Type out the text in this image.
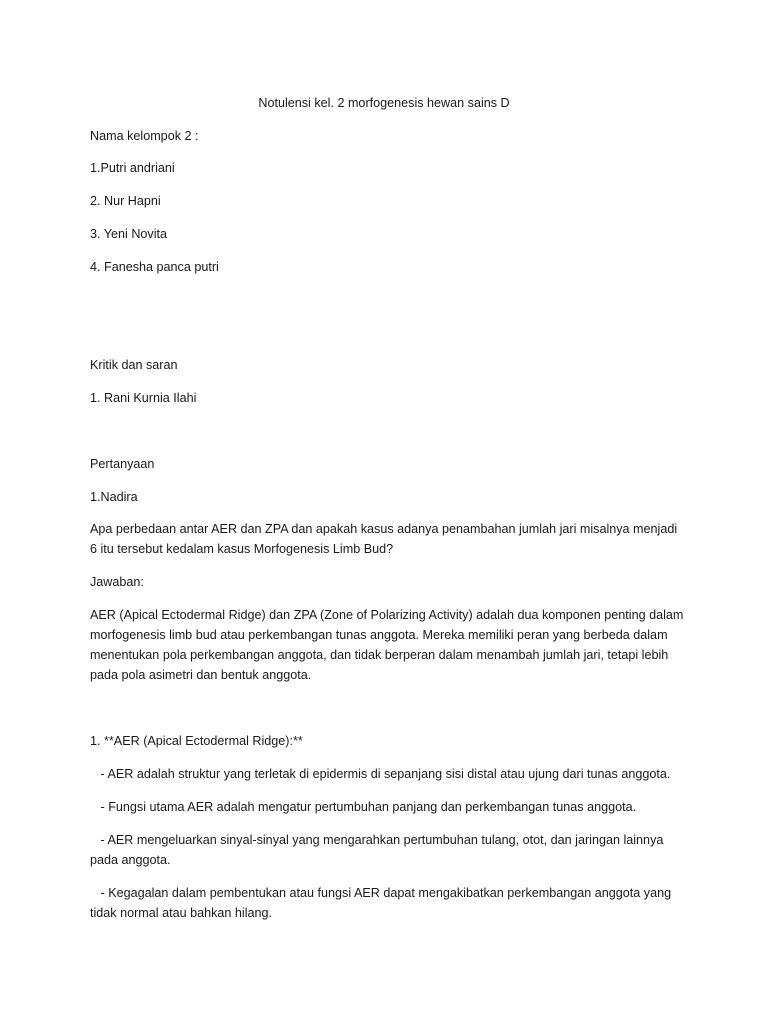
Notulensi kel. 2 morfogenesis hewan sains D

Nama kelompok 2 :

1.Putri andriani

2. Nur Hapni

3. Yeni Novita

4. Fanesha panca putri

Kritik dan saran

1. Rani Kurnia Ilahi

Pertanyaan

1.Nadira

Apa perbedaan antar AER dan ZPA dan apakah kasus adanya penambahan jumlah jari misalnya menjadi
6 itu tersebut kedalam kasus Morfogenesis Limb Bud?

Jawaban:

AER (Apical Ectodermal Ridge) dan ZPA (Zone of Polarizing Activity) adalah dua komponen penting dalam
morfogenesis limb bud atau perkembangan tunas anggota. Mereka memiliki peran yang berbeda dalam
menentukan pola perkembangan anggota, dan tidak berperan dalam menambah jumlah jari, tetapi lebih
pada pola asimetri dan bentuk anggota.

1. **AER (Apical Ectodermal Ridge):**

- AER adalah struktur yang terletak di epidermis di sepanjang sisi distal atau ujung dari tunas anggota.
- Fungsi utama AER adalah mengatur pertumbuhan panjang dan perkembangan tunas anggota.
- AER mengeluarkan sinyal-sinyal yang mengarahkan pertumbuhan tulang, otot, dan jaringan lainnya
pada anggota.
- Kegagalan dalam pembentukan atau fungsi AER dapat mengakibatkan perkembangan anggota yang
tidak normal atau bahkan hilang.
